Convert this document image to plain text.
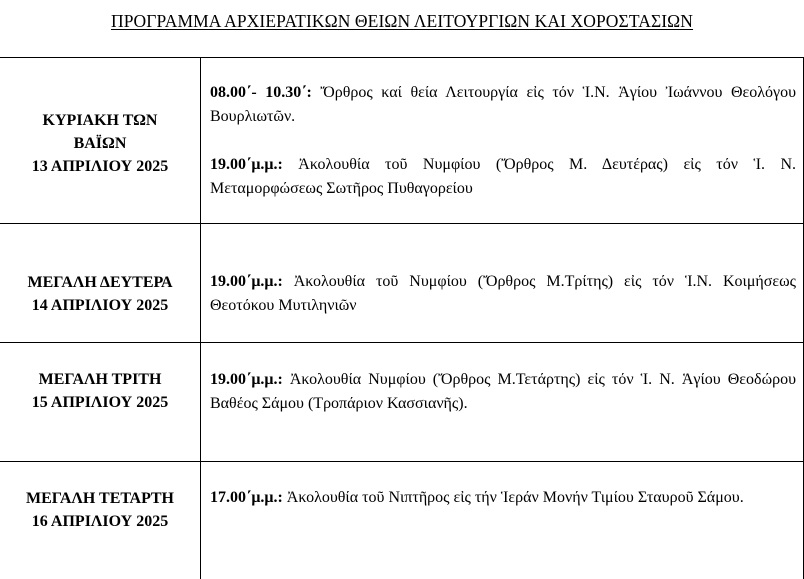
ΠΡΟΓΡΑΜΜΑ ΑΡΧΙΕΡΑΤΙΚΩΝ ΘΕΙΩΝ ΛΕΙΤΟΥΡΓΙΩΝ ΚΑΙ ΧΟΡΟΣΤΑΣΙΩΝ
ΚΥΡΙΑΚΗ ΤΩΝ
ΒΑΪΩΝ
13 ΑΠΡΙΛΙΟΥ 2025
08.00΄- 10.30΄: Ὄρθρος καί θεία Λειτουργία εἰς τόν Ἱ.Ν. Ἁγίου Ἰωάννου Θεολόγου Βουρλιωτῶν.
19.00΄μ.μ.: Ἀκολουθία τοῦ Νυμφίου (Ὄρθρος Μ. Δευτέρας) εἰς τόν Ἱ. Ν. Μεταμορφώσεως Σωτῆρος Πυθαγορείου
ΜΕΓΑΛΗ ΔΕΥΤΕΡΑ
14 ΑΠΡΙΛΙΟΥ 2025
19.00΄μ.μ.: Ἀκολουθία τοῦ Νυμφίου (Ὄρθρος Μ.Τρίτης) εἰς τόν Ἱ.Ν. Κοιμήσεως Θεοτόκου Μυτιληνιῶν
ΜΕΓΑΛΗ ΤΡΙΤΗ
15 ΑΠΡΙΛΙΟΥ 2025
19.00΄μ.μ.: Ἀκολουθία Νυμφίου (Ὄρθρος Μ.Τετάρτης) εἰς τόν Ἱ. Ν. Ἁγίου Θεοδώρου Βαθέος Σάμου (Τροπάριον Κασσιανῆς).
ΜΕΓΑΛΗ ΤΕΤΑΡΤΗ
16 ΑΠΡΙΛΙΟΥ 2025
17.00΄μ.μ.: Ἀκολουθία τοῦ Νιπτῆρος εἰς τήν Ἱεράν Μονήν Τιμίου Σταυροῦ Σάμου.
